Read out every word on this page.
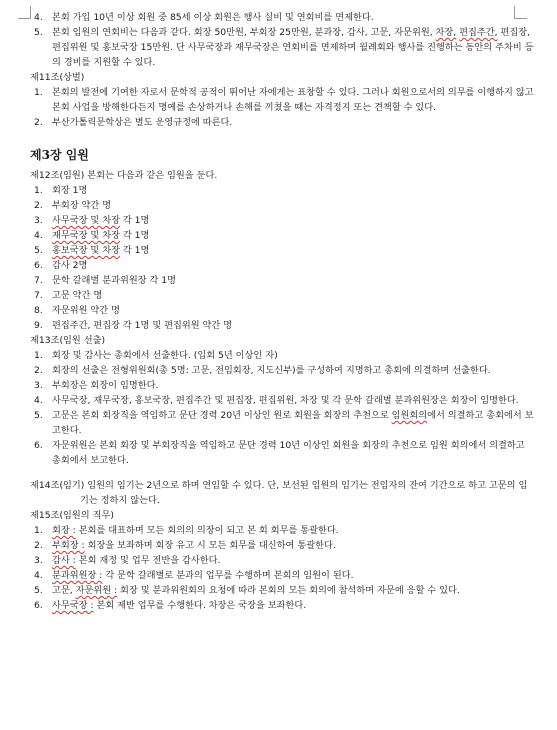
4. 본회 가입 10년 이상 회원 중 85세 이상 회원은 행사 실비 및 연회비를 면제한다.
5. 본회 임원의 연회비는 다음과 같다. 회장 50만원, 부회장 25만원, 분과장, 감사, 고문, 자문위원, 차장, 편집주간, 편집장, 편집위원 및 홍보국장 15만원. 단 사무국장과 재무국장은 연회비를 면제하며 월례회와 행사를 진행하는 동안의 주차비 등의 경비를 지원할 수 있다.
제11조(상벌)
1. 본회의 발전에 기여한 자로서 문학적 공적이 뛰어난 자에게는 표창할 수 있다. 그러나 회원으로서의 의무를 이행하지 않고 본회 사업을 방해한다든지 명예를 손상하거나 손해를 끼쳤을 때는 자격정지 또는 견책할 수 있다.
2. 부산가톨릭문학상은 별도 운영규정에 따른다.
제3장 임원
제12조(임원) 본회는 다음과 같은 임원을 둔다.
1. 회장 1명
2. 부회장 약간 명
3. 사무국장 및 차장 각 1명
4. 재무국장 및 차장 각 1명
5. 홍보국장 및 차장 각 1명
6. 감사 2명
7. 문학 갈래별 분과위원장 각 1명
7. 고문 약간 명
8. 자문위원 약간 명
9. 편집주간, 편집장 각 1명 및 편집위원 약간 명
제13조(임원 선출)
1. 회장 및 감사는 총회에서 선출한다. (입회 5년 이상인 자)
2. 회장의 선출은 전형위원회(총 5명: 고문, 전임회장, 지도신부)를 구성하여 지명하고 총회에 의결하며 선출한다.
3. 부회장은 회장이 임명한다.
4. 사무국장, 재무국장, 홍보국장, 편집주간 및 편집장, 편집위원, 차장 및 각 문학 갈래별 분과위원장은 회장이 임명한다.
5. 고문은 본회 회장직을 역임하고 문단 경력 20년 이상인 원로 회원을 회장의 추천으로 임원회의에서 의결하고 총회에서 보고한다.
6. 자문위원은 본회 회장 및 부회장직을 역임하고 문단 경력 10년 이상인 회원을 회장의 추천으로 임원 회의에서 의결하고 총회에서 보고한다.
제14조(임기) 임원의 임기는 2년으로 하며 연임할 수 있다. 단, 보선된 임원의 임기는 전임자의 잔여 기간으로 하고 고문의 임기는 정하지 않는다.
제15조(임원의 직무)
1. 회장 : 본회를 대표하며 모든 회의의 의장이 되고 본 회 회무를 통괄한다.
2. 부회장 : 회장을 보좌하며 회장 유고 시 모든 회무를 대신하여 통괄한다.
3. 감사 : 본회 재정 및 업무 전반을 감사한다.
4. 분과위원장 : 각 문학 갈래별로 분과의 업무를 수행하며 본회의 임원이 된다.
5. 고문, 자문위원 : 회장 및 분과위원회의 요청에 따라 본회의 모든 회의에 참석하며 자문에 응할 수 있다.
6. 사무국장 : 본회 제반 업무를 수행한다. 차장은 국장을 보좌한다.
